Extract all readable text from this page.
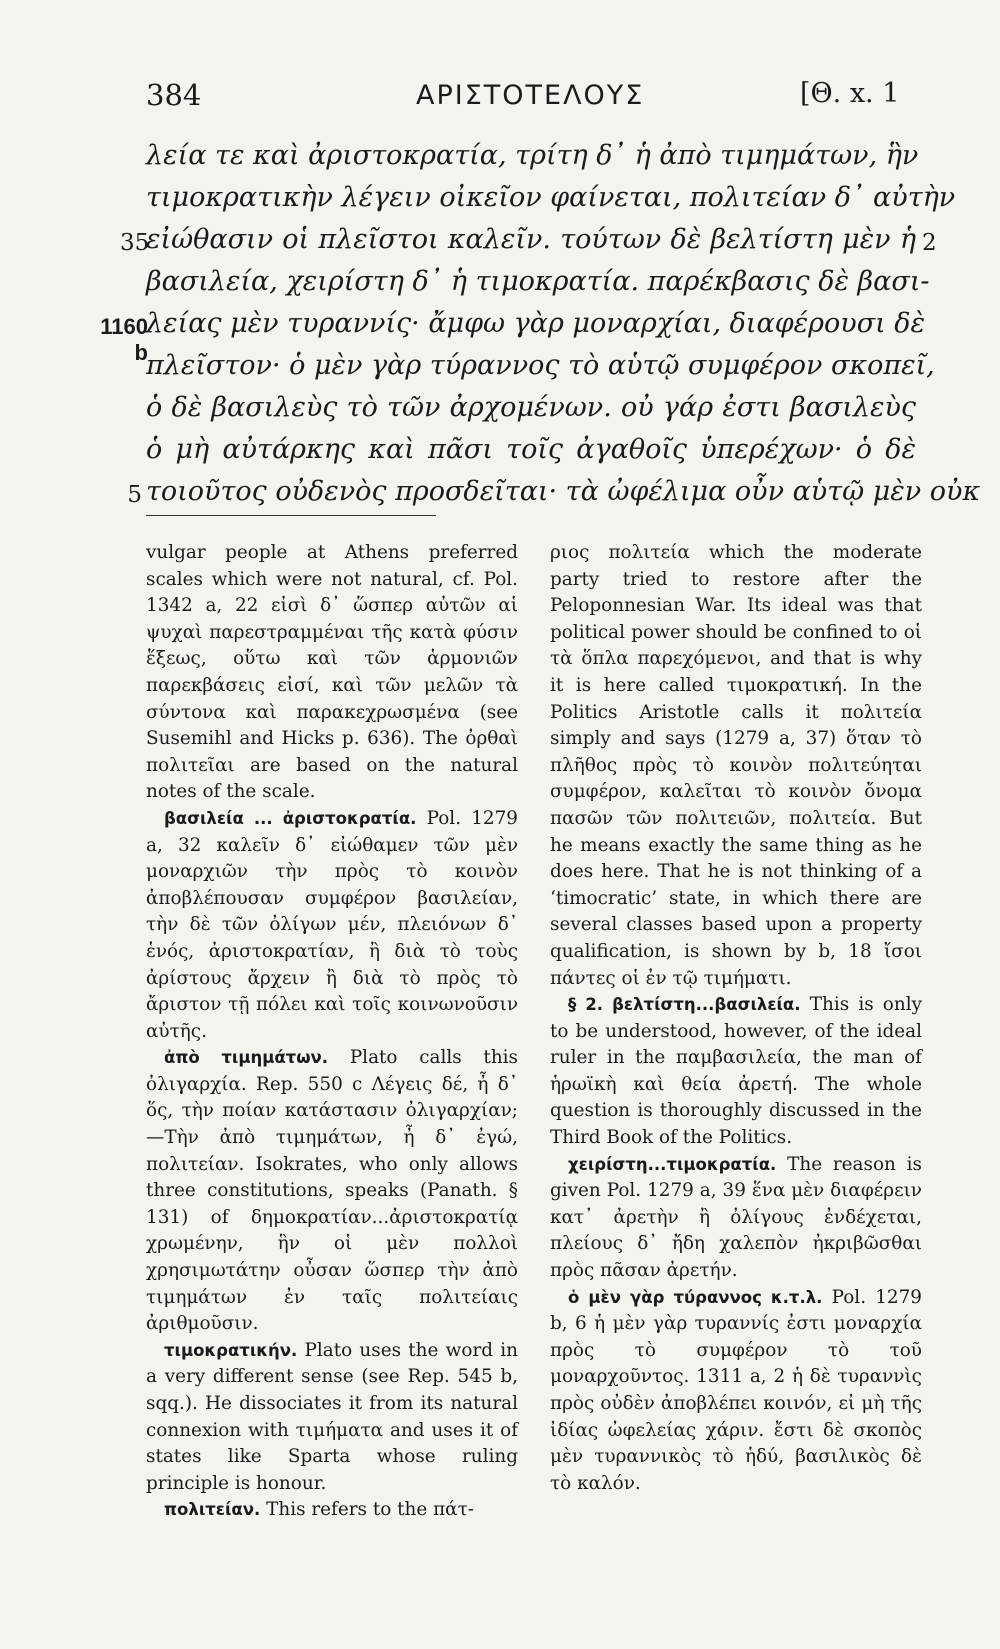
384	ΑΡΙΣΤΟΤΕΛΟΥΣ	[Θ. x. 1
λεία τε καὶ ἀριστοκρατία, τρίτη δ᾽ ἡ ἀπὸ τιμημάτων, ἣν
τιμοκρατικὴν λέγειν οἰκεῖον φαίνεται, πολιτείαν δ᾽ αὐτὴν
35
εἰώθασιν οἱ πλεῖστοι καλεῖν. τούτων δὲ βελτίστη μὲν ἡ 2
βασιλεία, χειρίστη δ᾽ ἡ τιμοκρατία. παρέκβασις δὲ βασι-
1160 b
λείας μὲν τυραννίς· ἄμφω γὰρ μοναρχίαι, διαφέρουσι δὲ
πλεῖστον· ὁ μὲν γὰρ τύραννος τὸ αὑτῷ συμφέρον σκοπεῖ,
ὁ δὲ βασιλεὺς τὸ τῶν ἀρχομένων. οὐ γάρ ἐστι βασιλεὺς
ὁ μὴ αὐτάρκης καὶ πᾶσι τοῖς ἀγαθοῖς ὑπερέχων· ὁ δὲ
5 τοιοῦτος οὐδενὸς προσδεῖται· τὰ ὠφέλιμα οὖν αὑτῷ μὲν οὐκ

vulgar people at Athens preferred scales which were not natural, cf. Pol. 1342 a, 22 εἰσὶ δ᾽ ὥσπερ αὐτῶν αἱ ψυχαὶ παρεστραμμέναι τῆς κατὰ φύσιν ἕξεως, οὕτω καὶ τῶν ἁρμονιῶν παρεκβάσεις εἰσί, καὶ τῶν μελῶν τὰ σύντονα καὶ παρακεχρωσμένα (see Susemihl and Hicks p. 636). The ὀρθαὶ πολιτεῖαι are based on the natural notes of the scale.

βασιλεία ... ἀριστοκρατία. Pol. 1279 a, 32 καλεῖν δ᾽ εἰώθαμεν τῶν μὲν μοναρχιῶν τὴν πρὸς τὸ κοινὸν ἀποβλέπουσαν συμφέρον βασιλείαν, τὴν δὲ τῶν ὀλίγων μέν, πλειόνων δ᾽ ἑνός, ἀριστοκρατίαν, ἢ διὰ τὸ τοὺς ἀρίστους ἄρχειν ἢ διὰ τὸ πρὸς τὸ ἄριστον τῇ πόλει καὶ τοῖς κοινωνοῦσιν αὐτῆς.

ἀπὸ τιμημάτων. Plato calls this ὀλιγαρχία. Rep. 550 c Λέγεις δέ, ἦ δ᾽ ὅς, τὴν ποίαν κατάστασιν ὀλιγαρχίαν;—Τὴν ἀπὸ τιμημάτων, ἦ δ᾽ ἐγώ, πολιτείαν. Isokrates, who only allows three constitutions, speaks (Panath. § 131) of δημοκρατίαν...ἀριστοκρατίᾳ χρωμένην, ἣν οἱ μὲν πολλοὶ χρησιμωτάτην οὖσαν ὥσπερ τὴν ἀπὸ τιμημάτων ἐν ταῖς πολιτείαις ἀριθμοῦσιν.

τιμοκρατικήν. Plato uses the word in a very different sense (see Rep. 545 b, sqq.). He dissociates it from its natural connexion with τιμήματα and uses it of states like Sparta whose ruling principle is honour.

πολιτείαν. This refers to the πάτ-

ριος πολιτεία which the moderate party tried to restore after the Peloponnesian War. Its ideal was that political power should be confined to οἱ τὰ ὅπλα παρεχόμενοι, and that is why it is here called τιμοκρατική. In the Politics Aristotle calls it πολιτεία simply and says (1279 a, 37) ὅταν τὸ πλῆθος πρὸς τὸ κοινὸν πολιτεύηται συμφέρον, καλεῖται τὸ κοινὸν ὄνομα πασῶν τῶν πολιτειῶν, πολιτεία. But he means exactly the same thing as he does here. That he is not thinking of a ‘timocratic’ state, in which there are several classes based upon a property qualification, is shown by b, 18 ἴσοι πάντες οἱ ἐν τῷ τιμήματι.

§ 2. βελτίστη...βασιλεία. This is only to be understood, however, of the ideal ruler in the παμβασιλεία, the man of ἡρωϊκὴ καὶ θεία ἀρετή. The whole question is thoroughly discussed in the Third Book of the Politics.

χειρίστη...τιμοκρατία. The reason is given Pol. 1279 a, 39 ἕνα μὲν διαφέρειν κατ᾽ ἀρετὴν ἢ ὀλίγους ἐνδέχεται, πλείους δ᾽ ἤδη χαλεπὸν ἠκριβῶσθαι πρὸς πᾶσαν ἀρετήν.

ὁ μὲν γὰρ τύραννος κ.τ.λ. Pol. 1279 b, 6 ἡ μὲν γὰρ τυραννίς ἐστι μοναρχία πρὸς τὸ συμφέρον τὸ τοῦ μοναρχοῦντος. 1311 a, 2 ἡ δὲ τυραννὶς πρὸς οὐδὲν ἀποβλέπει κοινόν, εἰ μὴ τῆς ἰδίας ὠφελείας χάριν. ἔστι δὲ σκοπὸς μὲν τυραννικὸς τὸ ἡδύ, βασιλικὸς δὲ τὸ καλόν.
